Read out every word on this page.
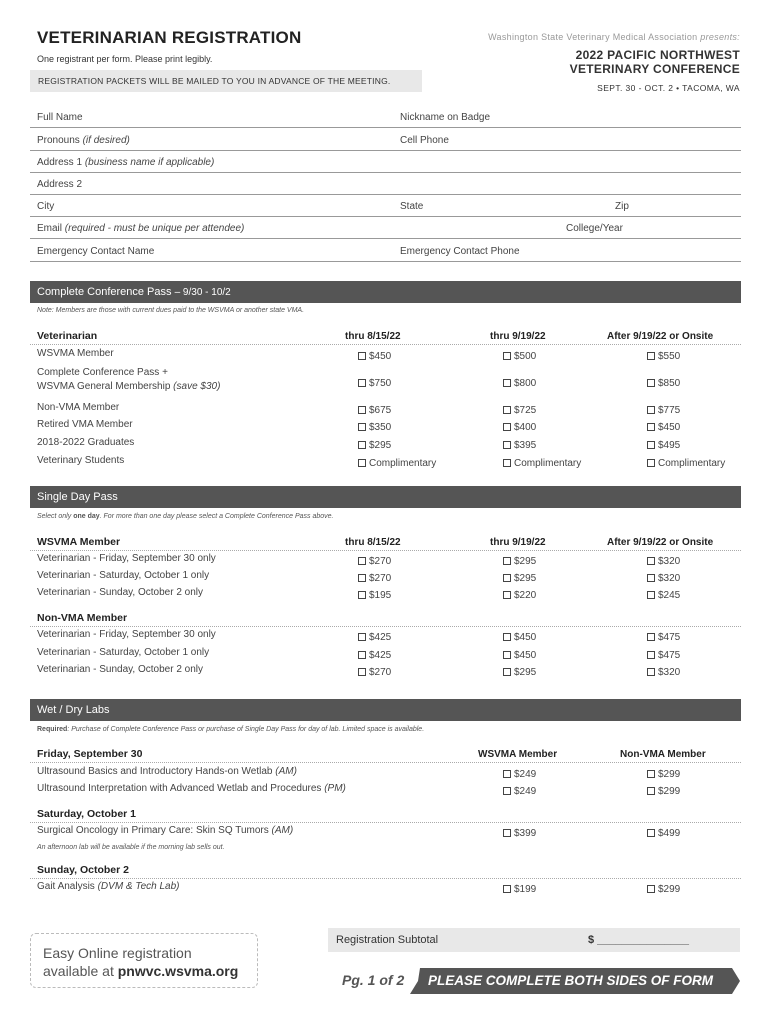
VETERINARIAN REGISTRATION
One registrant per form. Please print legibly.
REGISTRATION PACKETS WILL BE MAILED TO YOU IN ADVANCE OF THE MEETING.
Washington State Veterinary Medical Association presents:
2022 PACIFIC NORTHWEST
VETERINARY CONFERENCE
SEPT. 30 - OCT. 2 • TACOMA, WA
Full Name	Nickname on Badge
Pronouns (if desired)	Cell Phone
Address 1 (business name if applicable)
Address 2
City	State	Zip
Email (required - must be unique per attendee)	College/Year
Emergency Contact Name	Emergency Contact Phone
Complete Conference Pass – 9/30 - 10/2
Note: Members are those with current dues paid to the WSVMA or another state VMA.
Veterinarian	thru 8/15/22	thru 9/19/22	After 9/19/22 or Onsite
WSVMA Member	$450	$500	$550
Complete Conference Pass +
WSVMA General Membership (save $30)	$750	$800	$850
Non-VMA Member	$675	$725	$775
Retired VMA Member	$350	$400	$450
2018-2022 Graduates	$295	$395	$495
Veterinary Students	Complimentary	Complimentary	Complimentary
Single Day Pass
Select only one day. For more than one day please select a Complete Conference Pass above.
WSVMA Member	thru 8/15/22	thru 9/19/22	After 9/19/22 or Onsite
Veterinarian - Friday, September 30 only	$270	$295	$320
Veterinarian - Saturday, October 1 only	$270	$295	$320
Veterinarian - Sunday, October 2 only	$195	$220	$245
Non-VMA Member
Veterinarian - Friday, September 30 only	$425	$450	$475
Veterinarian - Saturday, October 1 only	$425	$450	$475
Veterinarian - Sunday, October 2 only	$270	$295	$320
Wet / Dry Labs
Required: Purchase of Complete Conference Pass or purchase of Single Day Pass for day of lab. Limited space is available.
Friday, September 30	WSVMA Member	Non-VMA Member
Ultrasound Basics and Introductory Hands-on Wetlab (AM)	$249	$299
Ultrasound Interpretation with Advanced Wetlab and Procedures (PM)	$249	$299
Saturday, October 1
Surgical Oncology in Primary Care: Skin SQ Tumors (AM)	$399	$499
An afternoon lab will be available if the morning lab sells out.
Sunday, October 2
Gait Analysis (DVM & Tech Lab)	$199	$299
Easy Online registration
available at pnwvc.wsvma.org
Registration Subtotal	$ _______________
Pg. 1 of 2 PLEASE COMPLETE BOTH SIDES OF FORM
